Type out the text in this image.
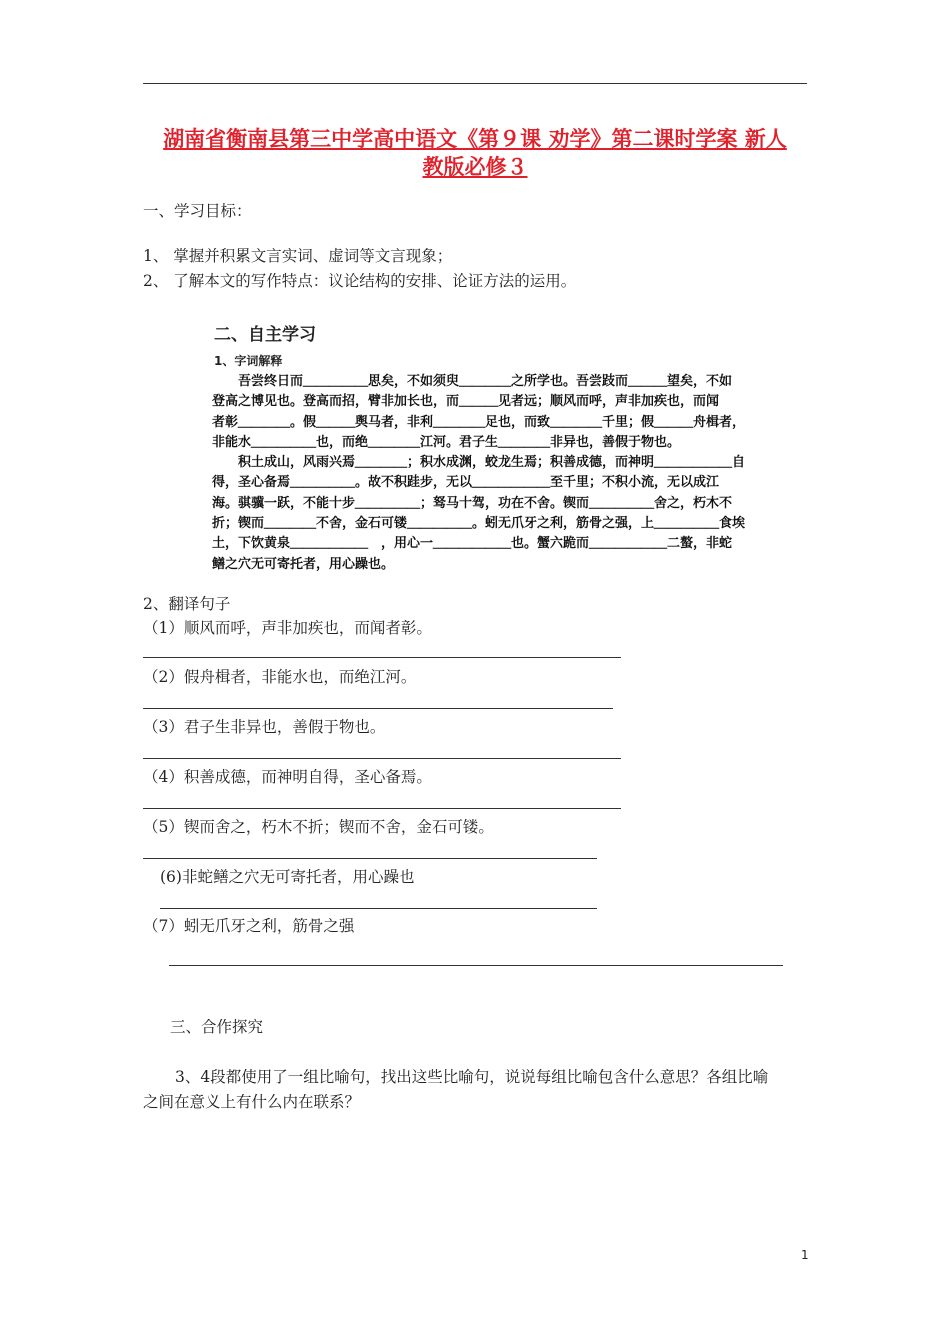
湖南省衡南县第三中学高中语文《第９课 劝学》第二课时学案 新人
教版必修３
一、学习目标：
1、 掌握并积累文言实词、虚词等文言现象；
2、 了解本文的写作特点：议论结构的安排、论证方法的运用。
二、自主学习
1、字词解释

吾尝终日而＿＿＿＿＿思矣，不如须臾＿＿＿＿之所学也。吾尝跂而＿＿＿望矣，不如

登高之博见也。登高而招，臂非加长也，而＿＿＿见者远；顺风而呼，声非加疾也，而闻

者彰＿＿＿＿。假＿＿＿舆马者，非利＿＿＿＿足也，而致＿＿＿＿千里；假＿＿＿舟楫者，

非能水＿＿＿＿＿也，而绝＿＿＿＿江河。君子生＿＿＿＿非异也，善假于物也。

积土成山，风雨兴焉＿＿＿＿；积水成渊，蛟龙生焉；积善成德，而神明＿＿＿＿＿＿自

得，圣心备焉＿＿＿＿＿。故不积跬步，无以＿＿＿＿＿＿至千里；不积小流，无以成江

海。骐骥一跃，不能十步＿＿＿＿＿；驽马十驾，功在不舍。锲而＿＿＿＿＿舍之，朽木不

折；锲而＿＿＿＿不舍，金石可镂＿＿＿＿＿。蚓无爪牙之利，筋骨之强，上＿＿＿＿＿食埃

土，下饮黄泉＿＿＿＿＿＿　，用心一＿＿＿＿＿＿也。蟹六跪而＿＿＿＿＿＿二螯，非蛇

鳝之穴无可寄托者，用心躁也。

2、翻译句子
（1）顺风而呼，声非加疾也，而闻者彰。
（2）假舟楫者，非能水也，而绝江河。
（3）君子生非异也，善假于物也。
（4）积善成德，而神明自得，圣心备焉。
（5）锲而舍之，朽木不折；锲而不舍，金石可镂。
(6)非蛇鳝之穴无可寄托者，用心躁也
（7）蚓无爪牙之利，筋骨之强
三、合作探究
3、4段都使用了一组比喻句，找出这些比喻句，说说每组比喻包含什么意思？各组比喻
之间在意义上有什么内在联系？
1
